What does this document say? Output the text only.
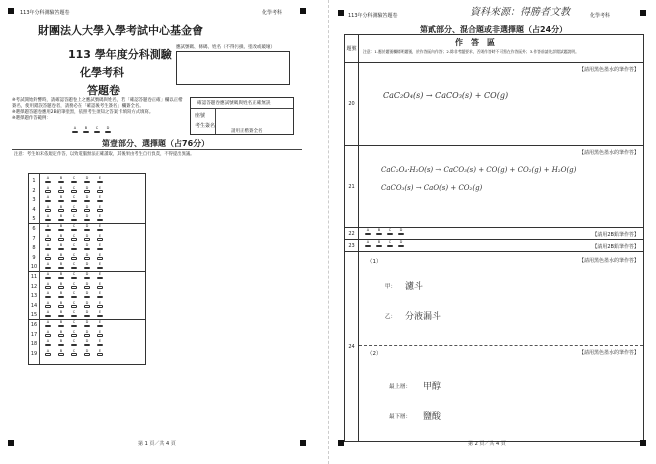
113年分科測驗答題卷	化學考科
財團法人大學入學考試中心基金會
113 學年度分科測驗
化學考科
答題卷
應試號碼、條碼、姓名（不得污損、塗改或破壞）
確認答題卷應試號碼與姓名正確無誤
座號
考生簽名
請用正楷簽全名
※考試開始鈴響時，請確認答題卷上之應試號碼與姓名，若「確認答題卷正確」欄以正楷簽名，使用錯誤答題卷者，請務必在「確認後考生簽名」欄簽全名。
※選擇題答題卷應用2B鉛筆塗黑，依照考生須知之答案卡填寫方式填寫。
※選擇題作答範例：
A	B	C	D
第壹部分、選擇題（占76分）
注意：考生如未依規定作答，以致電腦無法正確讀取，其後果由考生自行負責，不得提出異議。
1	A	B	C	D	E
2	A	B	C	D	E
3	A	B	C	D	E
4	A	B	C	D	E
5	A	B	C	D	E
6	A	B	C	D	E
7	A	B	C	D	E
8	A	B	C	D	E
9	A	B	C	D	E
10	A	B	C	D	E
11	A	B	C	D	E
12	A	B	C	D	E
13	A	B	C	D	E
14	A	B	C	D	E
15	A	B	C	D	E
16	A	B	C	D	E
17	A	B	C	D	E
18	A	B	C	D	E
19	A	B	C	D	E
第 1 頁／共 4 頁
資科來源：得勝者文教
113年分科測驗答題卷	化學考科
第貳部分、混合題或非選擇題（占24分）
題號
作　答　區
注意：1.應於題號欄標明題號，於作答區內作答；2.除非考題要求，否則作答時不可寫在作答區外；3.作答前請先詳閱試題說明。
20
【請用黑色墨水的筆作答】
CaC₂O₄(s) → CaCO₃(s) + CO(g)
21
【請用黑色墨水的筆作答】
CaC₂O₄·H₂O(s) → CaCO₃(s) + CO(g) + CO₂(g) + H₂O(g)
CaCO₃(s) → CaO(s) + CO₂(g)
22
A	B	C	D
【請用2B鉛筆作答】
23
A	B	C	D
【請用2B鉛筆作答】
24
（1）	【請用黑色墨水的筆作答】
甲： 濾斗
乙： 分液漏斗
（2）	【請用黑色墨水的筆作答】
最上層： 甲醇
最下層： 鹽酸
第 2 頁／共 4 頁
